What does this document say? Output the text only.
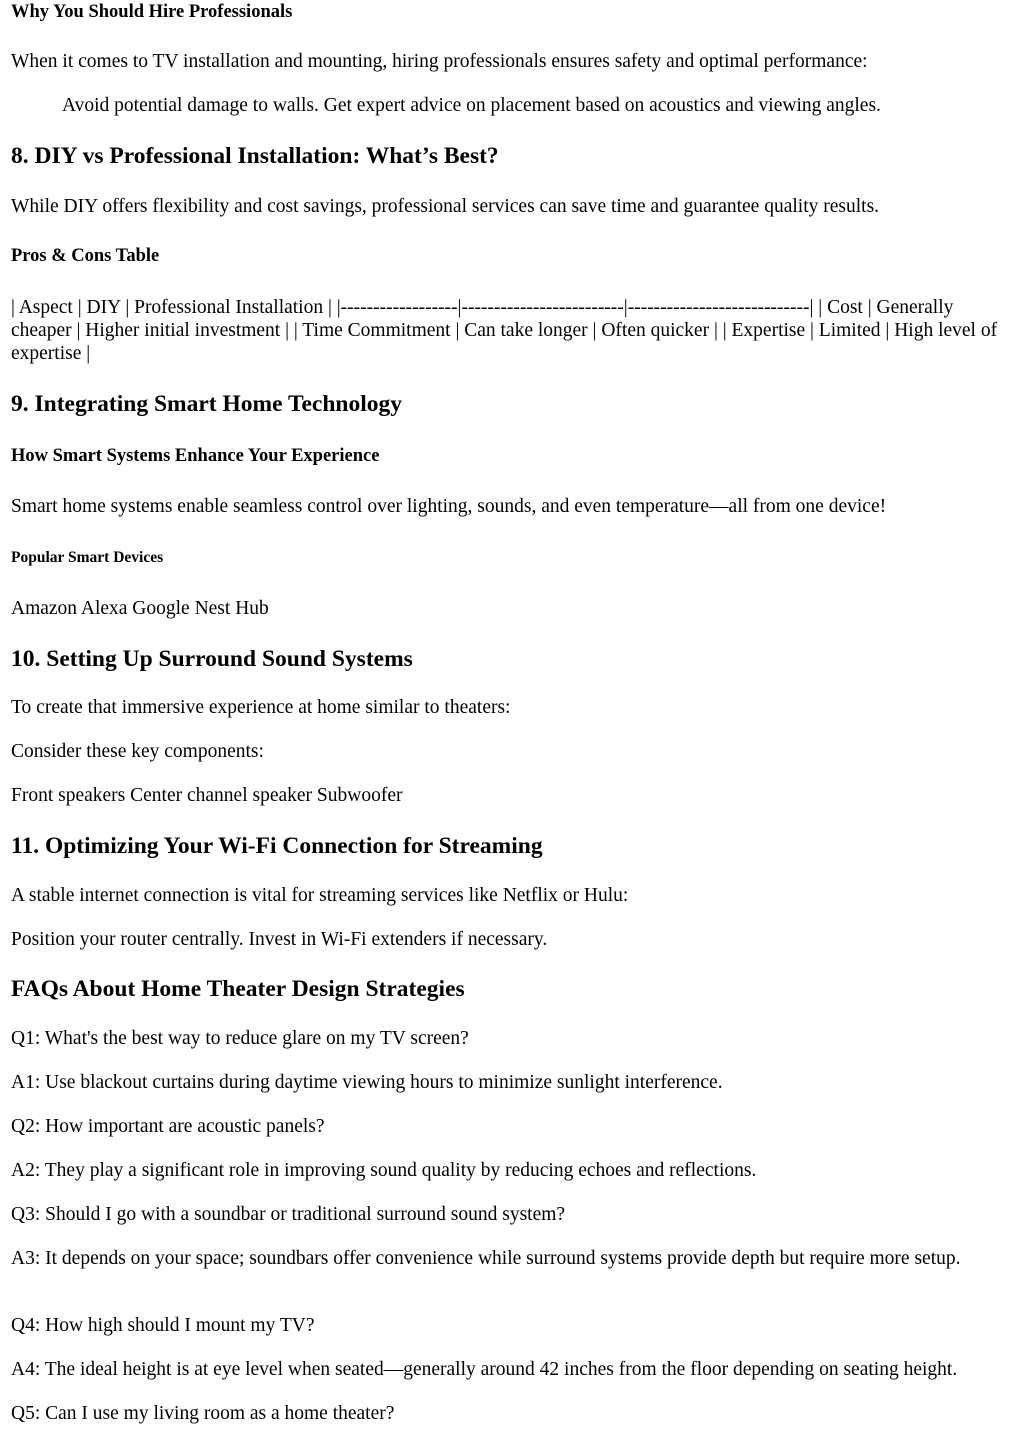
Why You Should Hire Professionals

When it comes to TV installation and mounting, hiring professionals ensures safety and optimal performance:

Avoid potential damage to walls. Get expert advice on placement based on acoustics and viewing angles.

8. DIY vs Professional Installation: What’s Best?

While DIY offers flexibility and cost savings, professional services can save time and guarantee quality results.

Pros & Cons Table

| Aspect | DIY | Professional Installation | |------------------|-------------------------|----------------------------| | Cost | Generally cheaper | Higher initial investment | | Time Commitment | Can take longer | Often quicker | | Expertise | Limited | High level of expertise |

9. Integrating Smart Home Technology
How Smart Systems Enhance Your Experience

Smart home systems enable seamless control over lighting, sounds, and even temperature—all from one device!

Popular Smart Devices

Amazon Alexa Google Nest Hub

10. Setting Up Surround Sound Systems

To create that immersive experience at home similar to theaters:

Consider these key components:

Front speakers Center channel speaker Subwoofer

11. Optimizing Your Wi-Fi Connection for Streaming

A stable internet connection is vital for streaming services like Netflix or Hulu:

Position your router centrally. Invest in Wi-Fi extenders if necessary.

FAQs About Home Theater Design Strategies

Q1: What's the best way to reduce glare on my TV screen?

A1: Use blackout curtains during daytime viewing hours to minimize sunlight interference.

Q2: How important are acoustic panels?

A2: They play a significant role in improving sound quality by reducing echoes and reflections.

Q3: Should I go with a soundbar or traditional surround sound system?

A3: It depends on your space; soundbars offer convenience while surround systems provide depth but require more setup.

Q4: How high should I mount my TV?

A4: The ideal height is at eye level when seated—generally around 42 inches from the floor depending on seating height.

Q5: Can I use my living room as a home theater?
